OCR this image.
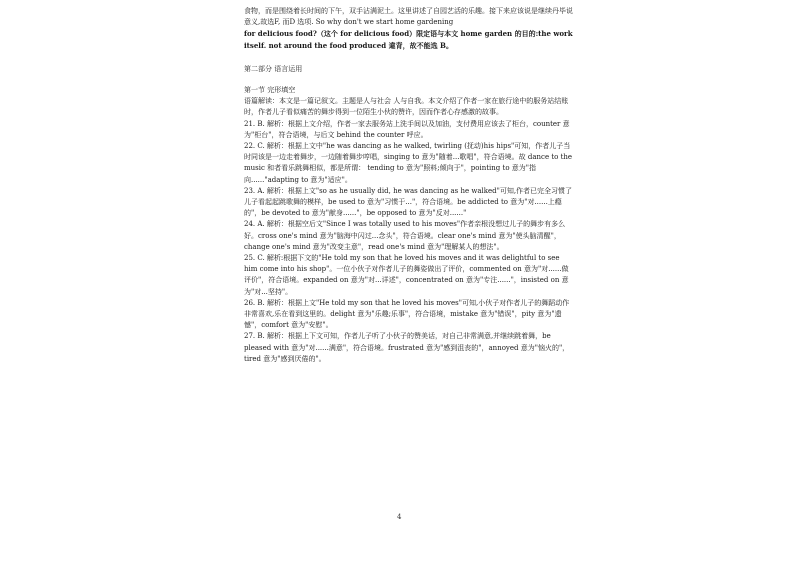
食物，而是围绕着长时间的下午，双手沾满泥土。这里讲述了自园艺活的乐趣。接下来应该说是继续丹毕说意义,故选F, 而D 选项. So why don't we start home gardening

for delicious food?（这个 for delicious food）限定语与本文 home garden 的目的:the work itself. not around the food produced 違背，故不能选 B。

第二部分 语言运用

第一节 完形填空

语篇解读：本文是一篇记叙文。主题是人与社会 人与自我。本文介绍了作者一家在旅行途中的服务站结账时，作者儿子看似痛苦的舞步得到一位陌生小伙的赞许，因而作者心存感激的故事。

21. B. 解析：根据上文介绍，作者一家去服务站上洗手间以及加油，支付费用应该去了柜台，counter 意为"柜台"，符合语境，与后文 behind the counter 呼应。

22. C. 解析：根据上文中"he was dancing as he walked, twirling (抚动)his hips"可知，作者儿子当时同该是一边走着舞步，一边随着舞步哼唱，singing to 意为"随着...歌唱"，符合语境。故 dance to the music 和者看乐跳舞相似，都是所谓： tending to 意为"照料;倾向于"，pointing to 意为"指向......"adapting to 意为"适应"。

23. A. 解析：根据上文"so as he usually did, he was dancing as he walked"可知,作者已完全习惯了儿子看起起跳歌舞的模样，be used to 意为"习惯于..."，符合语境。be addicted to 意为"对......上瘾的"，be devoted to 意为"献身......"，be opposed to 意为"反对......"

24. A. 解析：根据空后文"Since I was totally used to his moves"作者亲根没想过儿子的舞步有多么好。cross one's mind 意为"脑海中闪过...念头"，符合语境。clear one's mind 意为"使头脑清醒"，change one's mind 意为"改变主意"，read one's mind 意为"理解某人的想法"。

25. C. 解析:根据下文的"He told my son that he loved his moves and it was delightful to see him come into his shop"。一位小伙子对作者儿子的舞姿做出了评价，commented on 意为"对......做评价"，符合语境。expanded on 意为"对...详述"，concentrated on 意为"专注......"，insisted on 意为"对...坚持"。

26. B. 解析：根据上文"He told my son that he loved his moves"可知,小伙子对作者儿子的舞蹈动作非常喜欢,乐在看到这里的。delight 意为"乐趣;乐事"，符合语境，mistake 意为"错误"，pity 意为"遗憾"，comfort 意为"安慰"。

27. B. 解析：根据上下文可知，作者儿子听了小伙子的赞美话，对自己非常满意,并继续跳着舞，be pleased with 意为"对......满意"，符合语境。frustrated 意为"感到沮丧的"，annoyed 意为"恼火的"，tired 意为"感到厌倦的"。

4
